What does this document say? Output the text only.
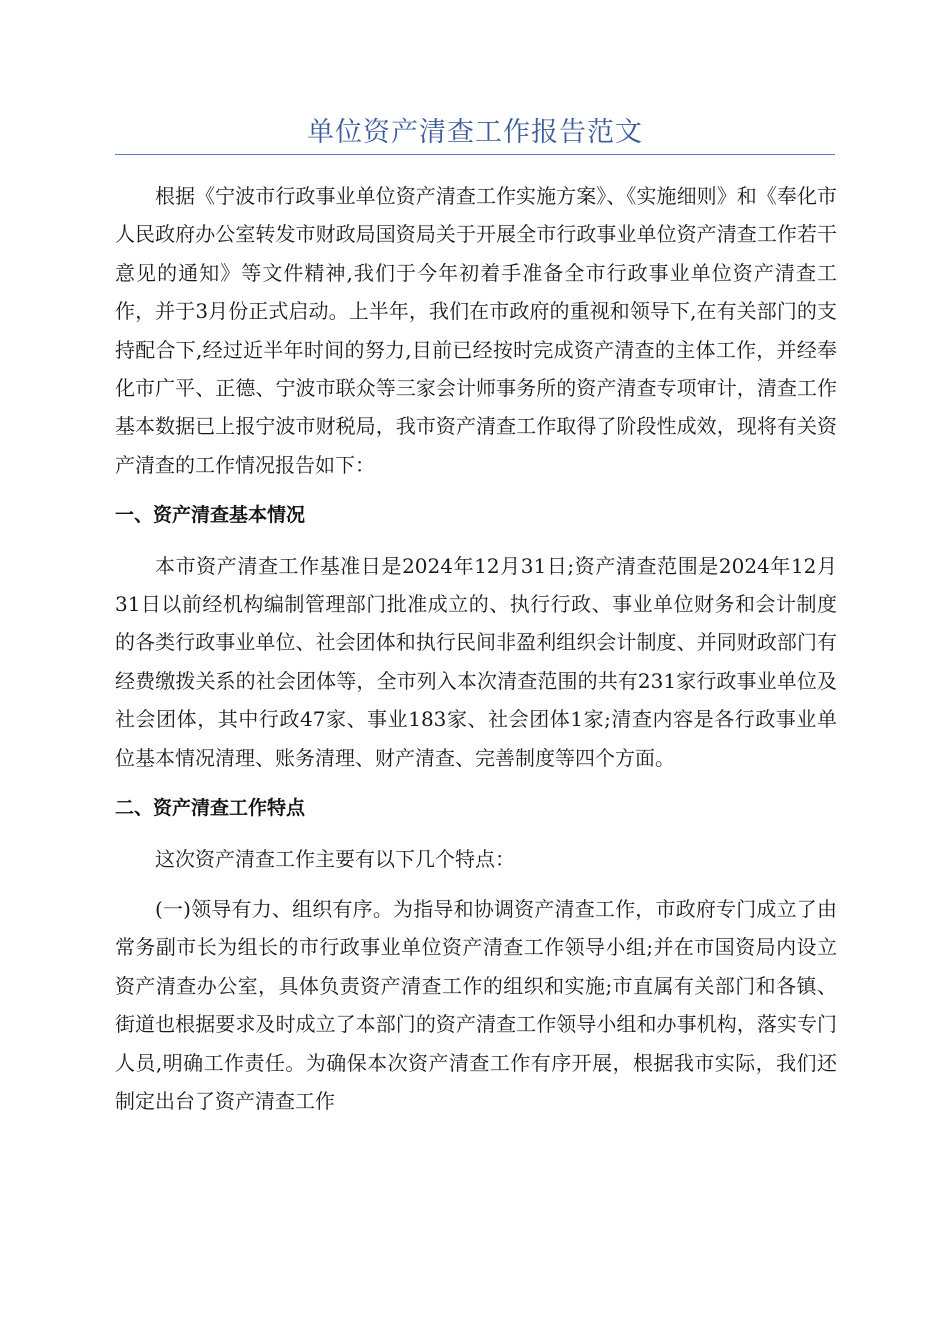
单位资产清查工作报告范文

根据《宁波市行政事业单位资产清查工作实施方案》、《实施细则》和《奉化市人民政府办公室转发市财政局国资局关于开展全市行政事业单位资产清查工作若干意见的通知》等文件精神,我们于今年初着手准备全市行政事业单位资产清查工作，并于3月份正式启动。上半年，我们在市政府的重视和领导下,在有关部门的支持配合下,经过近半年时间的努力,目前已经按时完成资产清查的主体工作，并经奉化市广平、正德、宁波市联众等三家会计师事务所的资产清查专项审计，清查工作基本数据已上报宁波市财税局，我市资产清查工作取得了阶段性成效，现将有关资产清查的工作情况报告如下：

一、资产清查基本情况

本市资产清查工作基准日是2024年12月31日;资产清查范围是2024年12月31日以前经机构编制管理部门批准成立的、执行行政、事业单位财务和会计制度的各类行政事业单位、社会团体和执行民间非盈利组织会计制度、并同财政部门有经费缴拨关系的社会团体等，全市列入本次清查范围的共有231家行政事业单位及社会团体，其中行政47家、事业183家、社会团体1家;清查内容是各行政事业单位基本情况清理、账务清理、财产清查、完善制度等四个方面。

二、资产清查工作特点

这次资产清查工作主要有以下几个特点：

(一)领导有力、组织有序。为指导和协调资产清查工作，市政府专门成立了由常务副市长为组长的市行政事业单位资产清查工作领导小组;并在市国资局内设立资产清查办公室，具体负责资产清查工作的组织和实施;市直属有关部门和各镇、街道也根据要求及时成立了本部门的资产清查工作领导小组和办事机构，落实专门人员,明确工作责任。为确保本次资产清查工作有序开展，根据我市实际，我们还制定出台了资产清查工作
